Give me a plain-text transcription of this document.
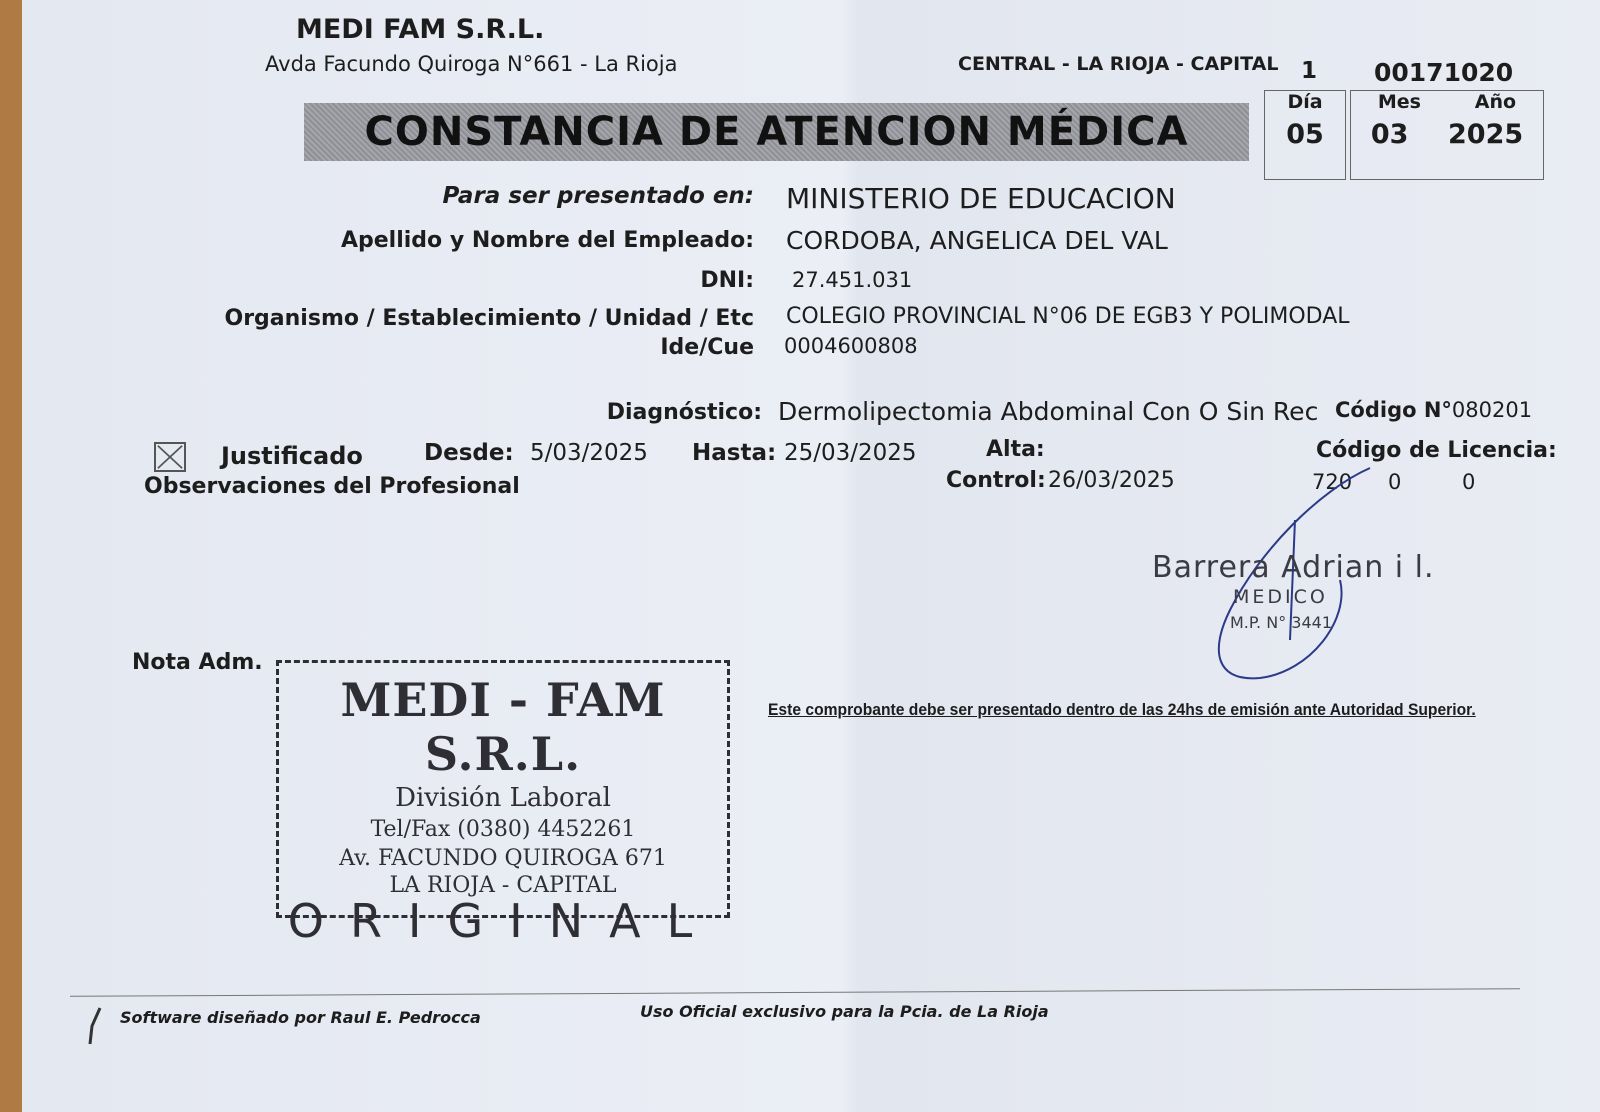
MEDI FAM S.R.L.
Avda Facundo Quiroga N°661 - La Rioja	CENTRAL - LA RIOJA - CAPITAL 1 00171020
CONSTANCIA DE ATENCION MÉDICA
Día
05
Mes	Año
03 2025
Para ser presentado en: MINISTERIO DE EDUCACION
Apellido y Nombre del Empleado: CORDOBA, ANGELICA DEL VAL
DNI: 27.451.031
Organismo / Establecimiento / Unidad / Etc COLEGIO PROVINCIAL N°06 DE EGB3 Y POLIMODAL
Ide/Cue 0004600808
Diagnóstico: Dermolipectomia Abdominal Con O Sin Rec Código N°080201
Justificado	Desde: 5/03/2025 Hasta: 25/03/2025	Alta:	Código de Licencia:
Observaciones del Profesional	Control: 26/03/2025	720 0	0
Barrera Adrian i l.
MEDICO
M.P. N° 3441
Nota Adm.
MEDI - FAM S.R.L.
División Laboral
Tel/Fax (0380) 4452261
Av. FACUNDO QUIROGA 671
LA RIOJA - CAPITAL
ORIGINAL
Este comprobante debe ser presentado dentro de las 24hs de emisión ante Autoridad Superior.
Software diseñado por Raul E. Pedrocca	Uso Oficial exclusivo para la Pcia. de La Rioja
